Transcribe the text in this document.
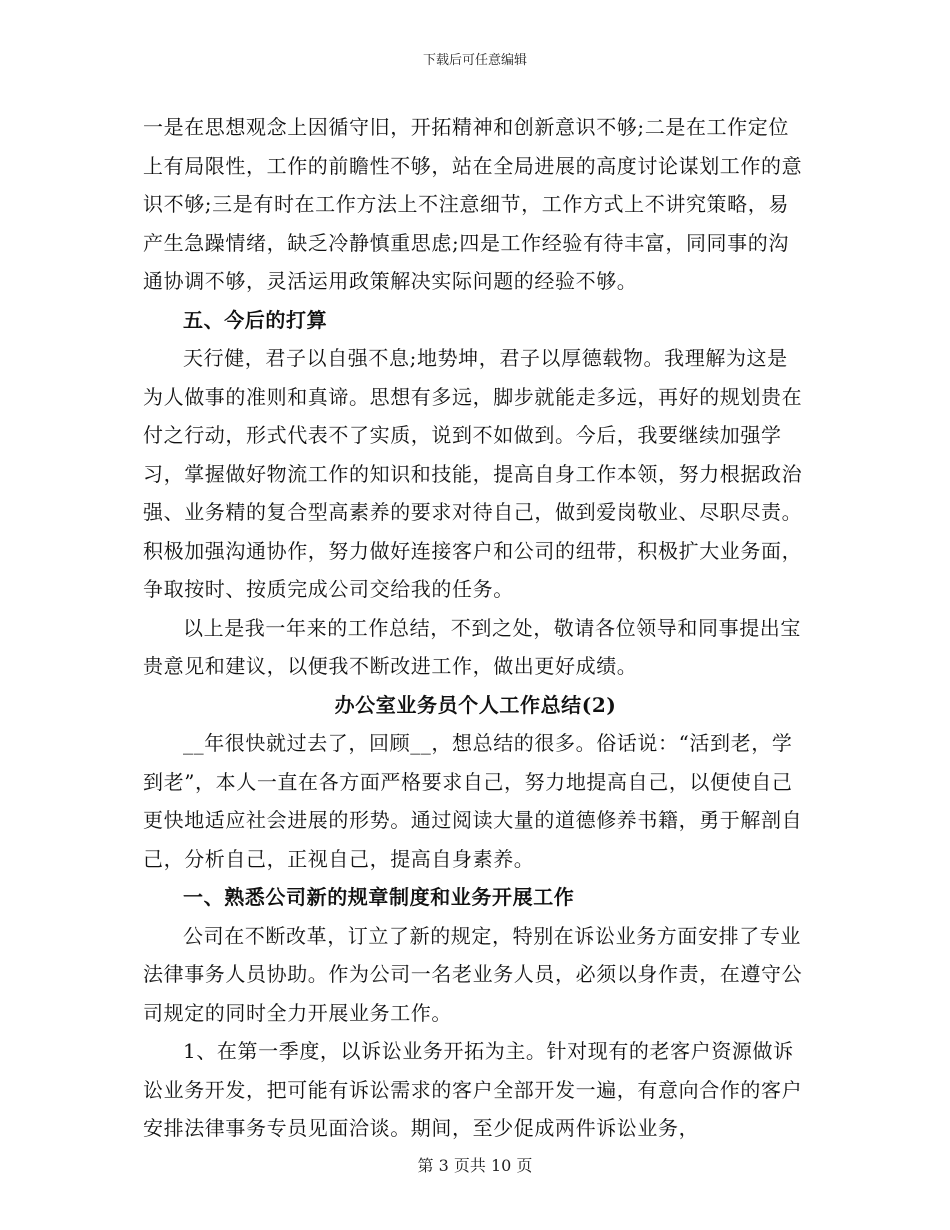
下载后可任意编辑

一是在思想观念上因循守旧，开拓精神和创新意识不够;二是在工作定位上有局限性，工作的前瞻性不够，站在全局进展的高度讨论谋划工作的意识不够;三是有时在工作方法上不注意细节，工作方式上不讲究策略，易产生急躁情绪，缺乏冷静慎重思虑;四是工作经验有待丰富，同同事的沟通协调不够，灵活运用政策解决实际问题的经验不够。

五、今后的打算

天行健，君子以自强不息;地势坤，君子以厚德载物。我理解为这是为人做事的准则和真谛。思想有多远，脚步就能走多远，再好的规划贵在付之行动，形式代表不了实质，说到不如做到。今后，我要继续加强学习，掌握做好物流工作的知识和技能，提高自身工作本领，努力根据政治强、业务精的复合型高素养的要求对待自己，做到爱岗敬业、尽职尽责。积极加强沟通协作，努力做好连接客户和公司的纽带，积极扩大业务面，争取按时、按质完成公司交给我的任务。

以上是我一年来的工作总结，不到之处，敬请各位领导和同事提出宝贵意见和建议，以便我不断改进工作，做出更好成绩。

办公室业务员个人工作总结(2)

__年很快就过去了，回顾__，想总结的很多。俗话说：“活到老，学到老”，本人一直在各方面严格要求自己，努力地提高自己，以便使自己更快地适应社会进展的形势。通过阅读大量的道德修养书籍，勇于解剖自己，分析自己，正视自己，提高自身素养。

一、熟悉公司新的规章制度和业务开展工作

公司在不断改革，订立了新的规定，特别在诉讼业务方面安排了专业法律事务人员协助。作为公司一名老业务人员，必须以身作责，在遵守公司规定的同时全力开展业务工作。

1、在第一季度，以诉讼业务开拓为主。针对现有的老客户资源做诉讼业务开发，把可能有诉讼需求的客户全部开发一遍，有意向合作的客户安排法律事务专员见面洽谈。期间，至少促成两件诉讼业务，

第 3 页共 10 页
